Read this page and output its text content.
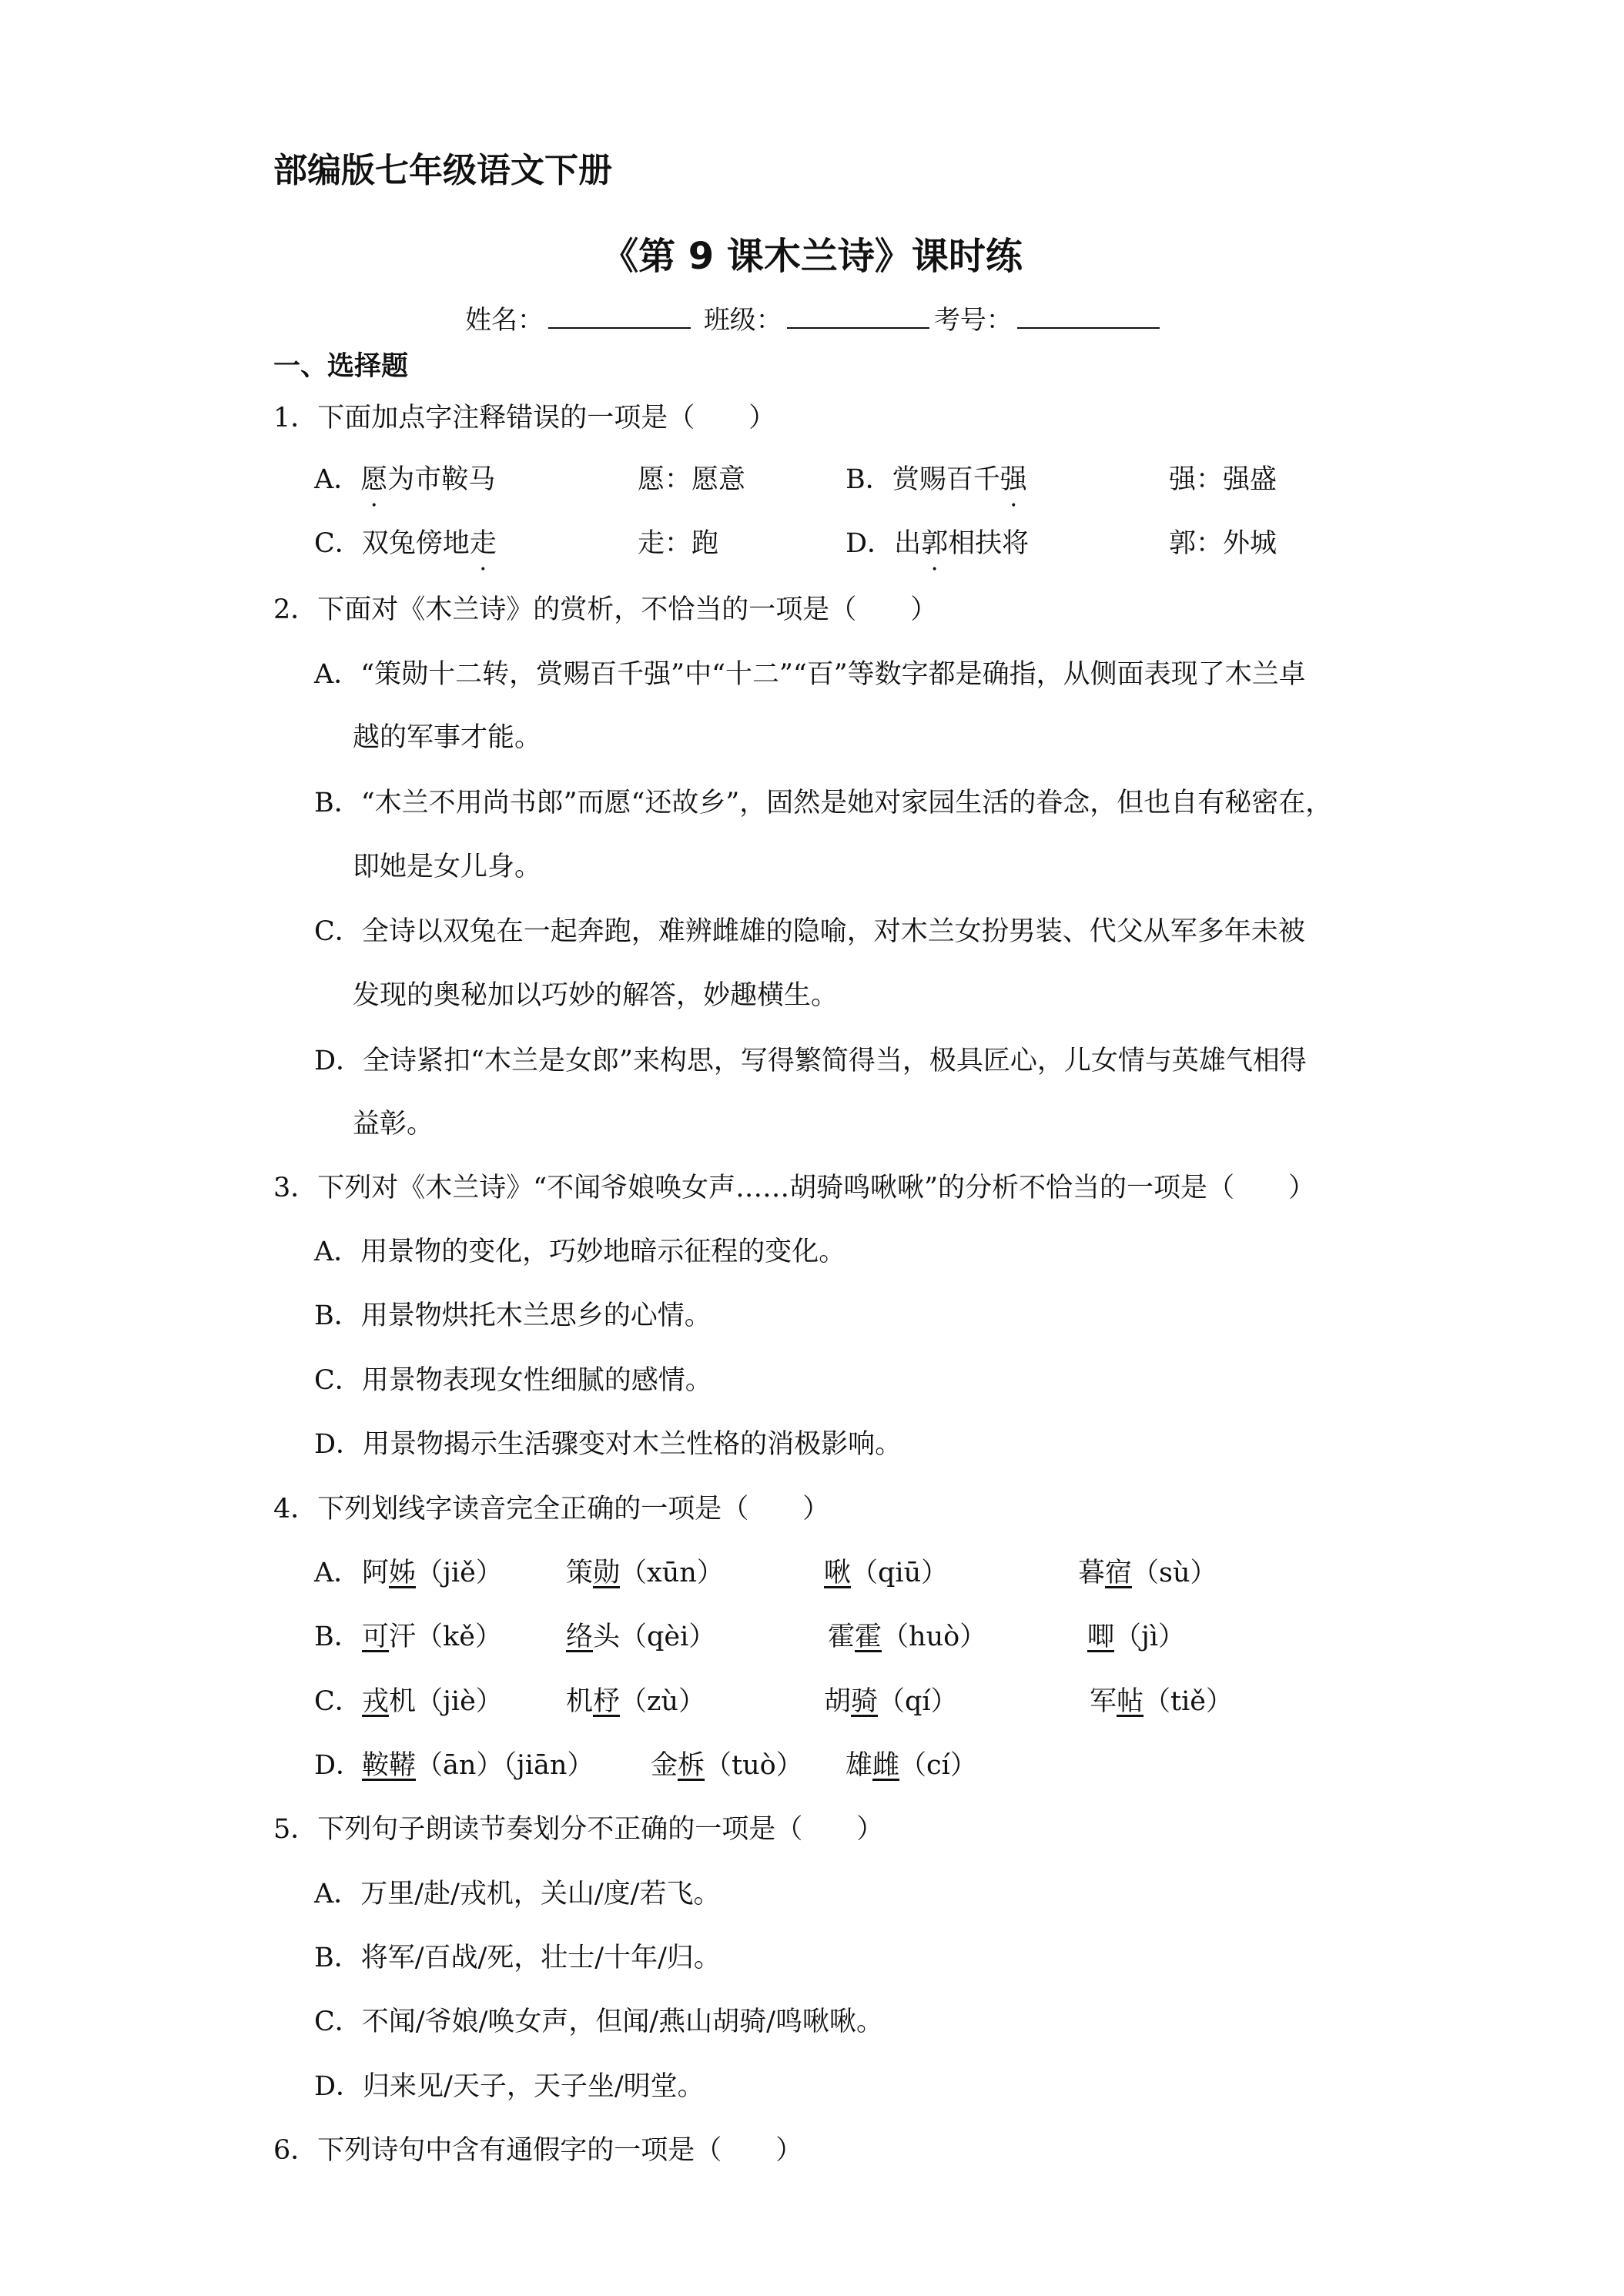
部编版七年级语文下册
《第 9 课木兰诗》课时练
姓名：	班级：	考号：
一、选择题
1．下面加点字注释错误的一项是（　　）
A．愿为市鞍马	愿：愿意	B．赏赐百千强	强：强盛
C．双兔傍地走	走：跑	D．出郭相扶将	郭：外城
2．下面对《木兰诗》的赏析，不恰当的一项是（　　）
A．“策勋十二转，赏赐百千强”中“十二”“百”等数字都是确指，从侧面表现了木兰卓
越的军事才能。
B．“木兰不用尚书郎”而愿“还故乡”，固然是她对家园生活的眷念，但也自有秘密在，
即她是女儿身。
C．全诗以双兔在一起奔跑，难辨雌雄的隐喻，对木兰女扮男装、代父从军多年未被
发现的奥秘加以巧妙的解答，妙趣横生。
D．全诗紧扣“木兰是女郎”来构思，写得繁简得当，极具匠心，儿女情与英雄气相得
益彰。
3．下列对《木兰诗》“不闻爷娘唤女声……胡骑鸣啾啾”的分析不恰当的一项是（　　）
A．用景物的变化，巧妙地暗示征程的变化。
B．用景物烘托木兰思乡的心情。
C．用景物表现女性细腻的感情。
D．用景物揭示生活骤变对木兰性格的消极影响。
4．下列划线字读音完全正确的一项是（　　）
A． 阿姊（jiě） 策勋（xūn）	啾（qiū）	暮宿（sù）
B． 可汗（kě） 络头（qèi）	霍霍（huò）	唧（jì）
C． 戎机（jiè） 机杼（zù）	胡骑（qí）	军帖（tiě）
D．
鞍鞯（ān）（jiān） 金柝（tuò） 雄雌（cí）
5．下列句子朗读节奏划分不正确的一项是（　　）
A．万里/赴/戎机，关山/度/若飞。
B．将军/百战/死，壮士/十年/归。
C．不闻/爷娘/唤女声，但闻/燕山胡骑/鸣啾啾。
D．归来见/天子，天子坐/明堂。
6．下列诗句中含有通假字的一项是（　　）
